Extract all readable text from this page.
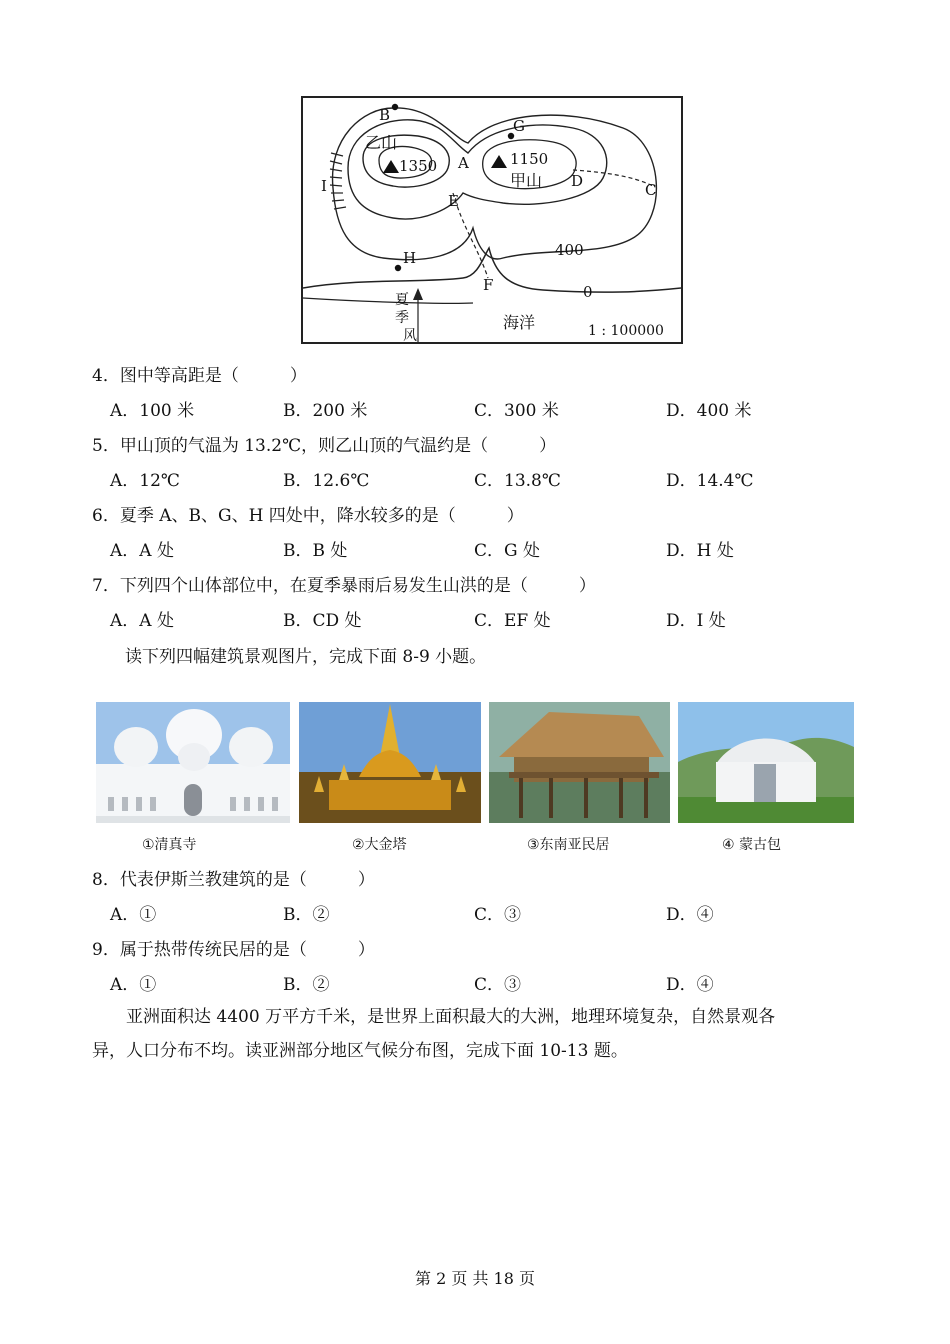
B
G
A
D	C
E
F
H
I
乙山
1350	1150
甲山
400
0
海洋	1 : 100000
夏
季
风
4．图中等高距是（　　　）
A．100 米	B．200 米	C．300 米	D．400 米
5．甲山顶的气温为 13.2℃，则乙山顶的气温约是（　　　）
A．12℃	B．12.6℃	C．13.8℃	D．14.4℃
6．夏季 A、B、G、H 四处中，降水较多的是（　　　）
A．A 处	B．B 处	C．G 处	D．H 处
7．下列四个山体部位中，在夏季暴雨后易发生山洪的是（　　　）
A．A 处	B．CD 处	C．EF 处	D．I 处
读下列四幅建筑景观图片，完成下面 8-9 小题。
①清真寺	②大金塔	③东南亚民居	④ 蒙古包
8．代表伊斯兰教建筑的是（　　　）
A．①	B．②	C．③	D．④
9．属于热带传统民居的是（　　　）
A．①	B．②	C．③	D．④
亚洲面积达 4400 万平方千米，是世界上面积最大的大洲，地理环境复杂，自然景观各
异，人口分布不均。读亚洲部分地区气候分布图，完成下面 10-13 题。
第 2 页 共 18 页
